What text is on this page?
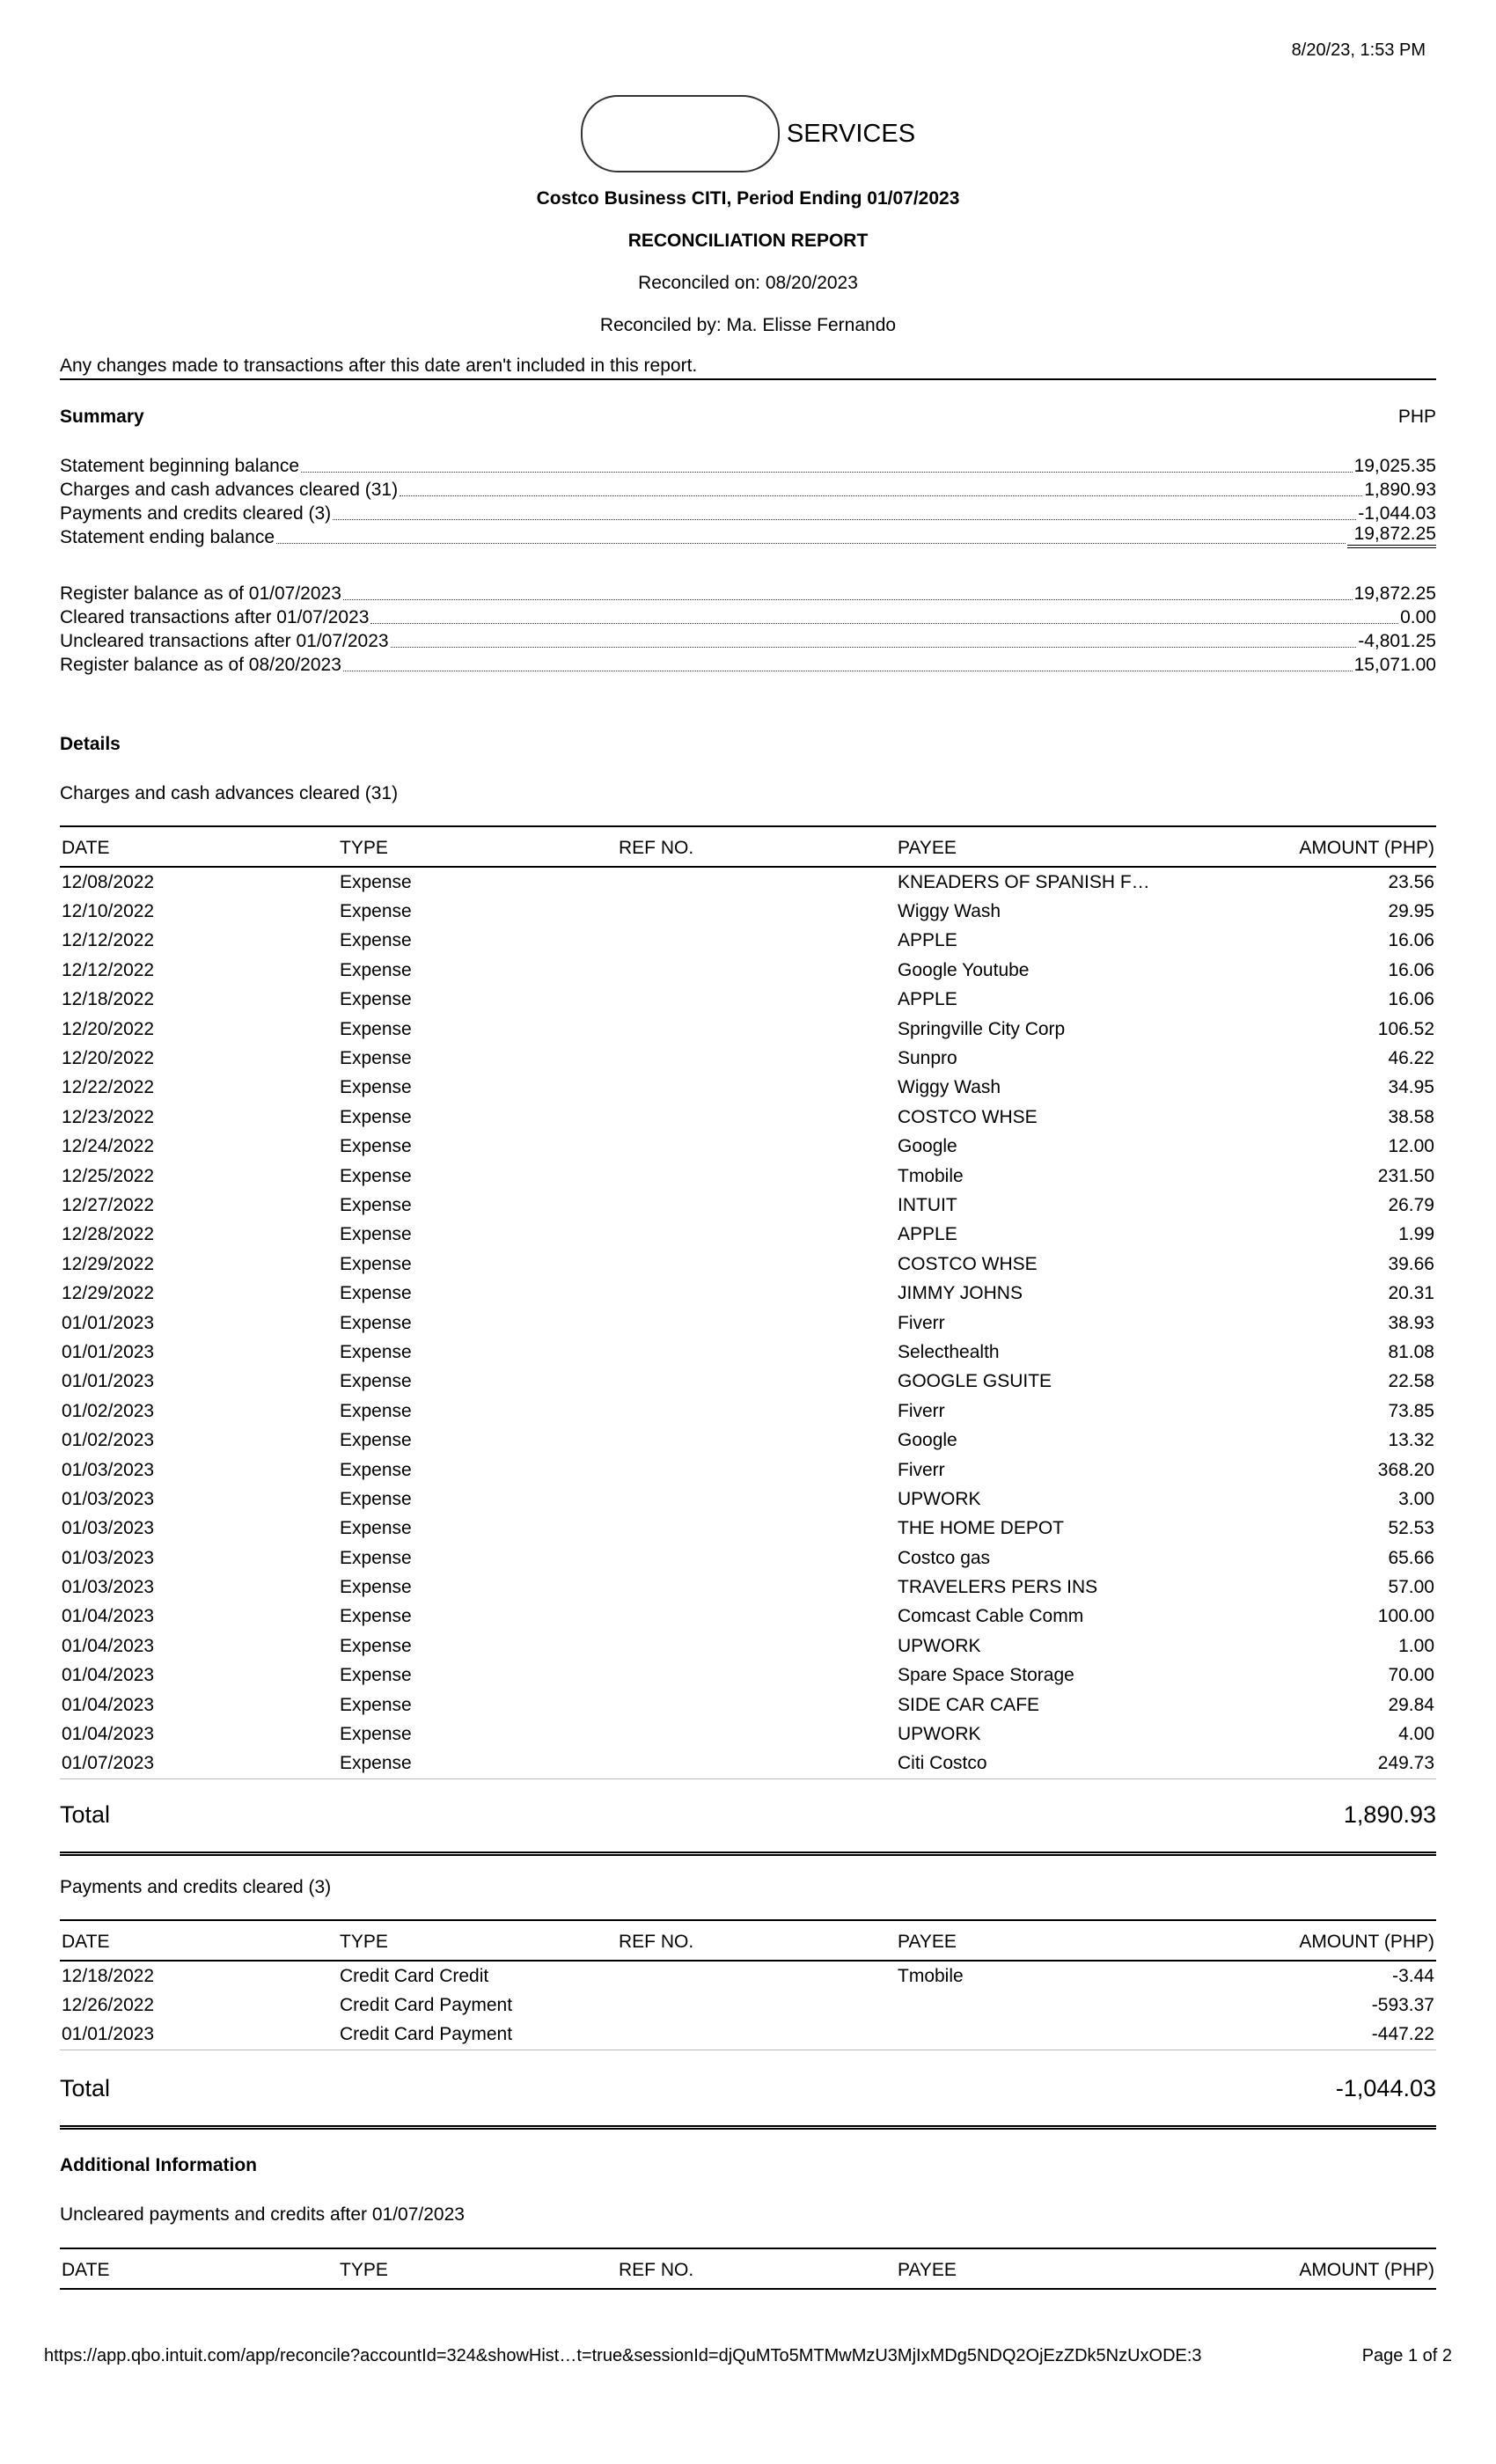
8/20/23, 1:53 PM
SERVICES
Costco Business CITI, Period Ending 01/07/2023
RECONCILIATION REPORT
Reconciled on: 08/20/2023
Reconciled by: Ma. Elisse Fernando
Any changes made to transactions after this date aren't included in this report.
Summary	PHP
Statement beginning balance	19,025.35
Charges and cash advances cleared (31)	1,890.93
Payments and credits cleared (3)	-1,044.03
Statement ending balance	19,872.25
Register balance as of 01/07/2023	19,872.25
Cleared transactions after 01/07/2023	0.00
Uncleared transactions after 01/07/2023	-4,801.25
Register balance as of 08/20/2023	15,071.00
Details
Charges and cash advances cleared (31)
DATE	TYPE	REF NO.	PAYEE	AMOUNT (PHP)
12/08/2022	Expense		KNEADERS OF SPANISH F…	23.56
12/10/2022	Expense		Wiggy Wash	29.95
12/12/2022	Expense		APPLE	16.06
12/12/2022	Expense		Google Youtube	16.06
12/18/2022	Expense		APPLE	16.06
12/20/2022	Expense		Springville City Corp	106.52
12/20/2022	Expense		Sunpro	46.22
12/22/2022	Expense		Wiggy Wash	34.95
12/23/2022	Expense		COSTCO WHSE	38.58
12/24/2022	Expense		Google	12.00
12/25/2022	Expense		Tmobile	231.50
12/27/2022	Expense		INTUIT	26.79
12/28/2022	Expense		APPLE	1.99
12/29/2022	Expense		COSTCO WHSE	39.66
12/29/2022	Expense		JIMMY JOHNS	20.31
01/01/2023	Expense		Fiverr	38.93
01/01/2023	Expense		Selecthealth	81.08
01/01/2023	Expense		GOOGLE GSUITE	22.58
01/02/2023	Expense		Fiverr	73.85
01/02/2023	Expense		Google	13.32
01/03/2023	Expense		Fiverr	368.20
01/03/2023	Expense		UPWORK	3.00
01/03/2023	Expense		THE HOME DEPOT	52.53
01/03/2023	Expense		Costco gas	65.66
01/03/2023	Expense		TRAVELERS PERS INS	57.00
01/04/2023	Expense		Comcast Cable Comm	100.00
01/04/2023	Expense		UPWORK	1.00
01/04/2023	Expense		Spare Space Storage	70.00
01/04/2023	Expense		SIDE CAR CAFE	29.84
01/04/2023	Expense		UPWORK	4.00
01/07/2023	Expense		Citi Costco	249.73
Total	1,890.93
Payments and credits cleared (3)
DATE	TYPE	REF NO.	PAYEE	AMOUNT (PHP)
12/18/2022	Credit Card Credit		Tmobile	-3.44
12/26/2022	Credit Card Payment			-593.37
01/01/2023	Credit Card Payment			-447.22
Total	-1,044.03
Additional Information
Uncleared payments and credits after 01/07/2023
DATE	TYPE	REF NO.	PAYEE	AMOUNT (PHP)
https://app.qbo.intuit.com/app/reconcile?accountId=324&showHist…t=true&sessionId=djQuMTo5MTMwMzU3MjIxMDg5NDQ2OjEzZDk5NzUxODE:3	Page 1 of 2
